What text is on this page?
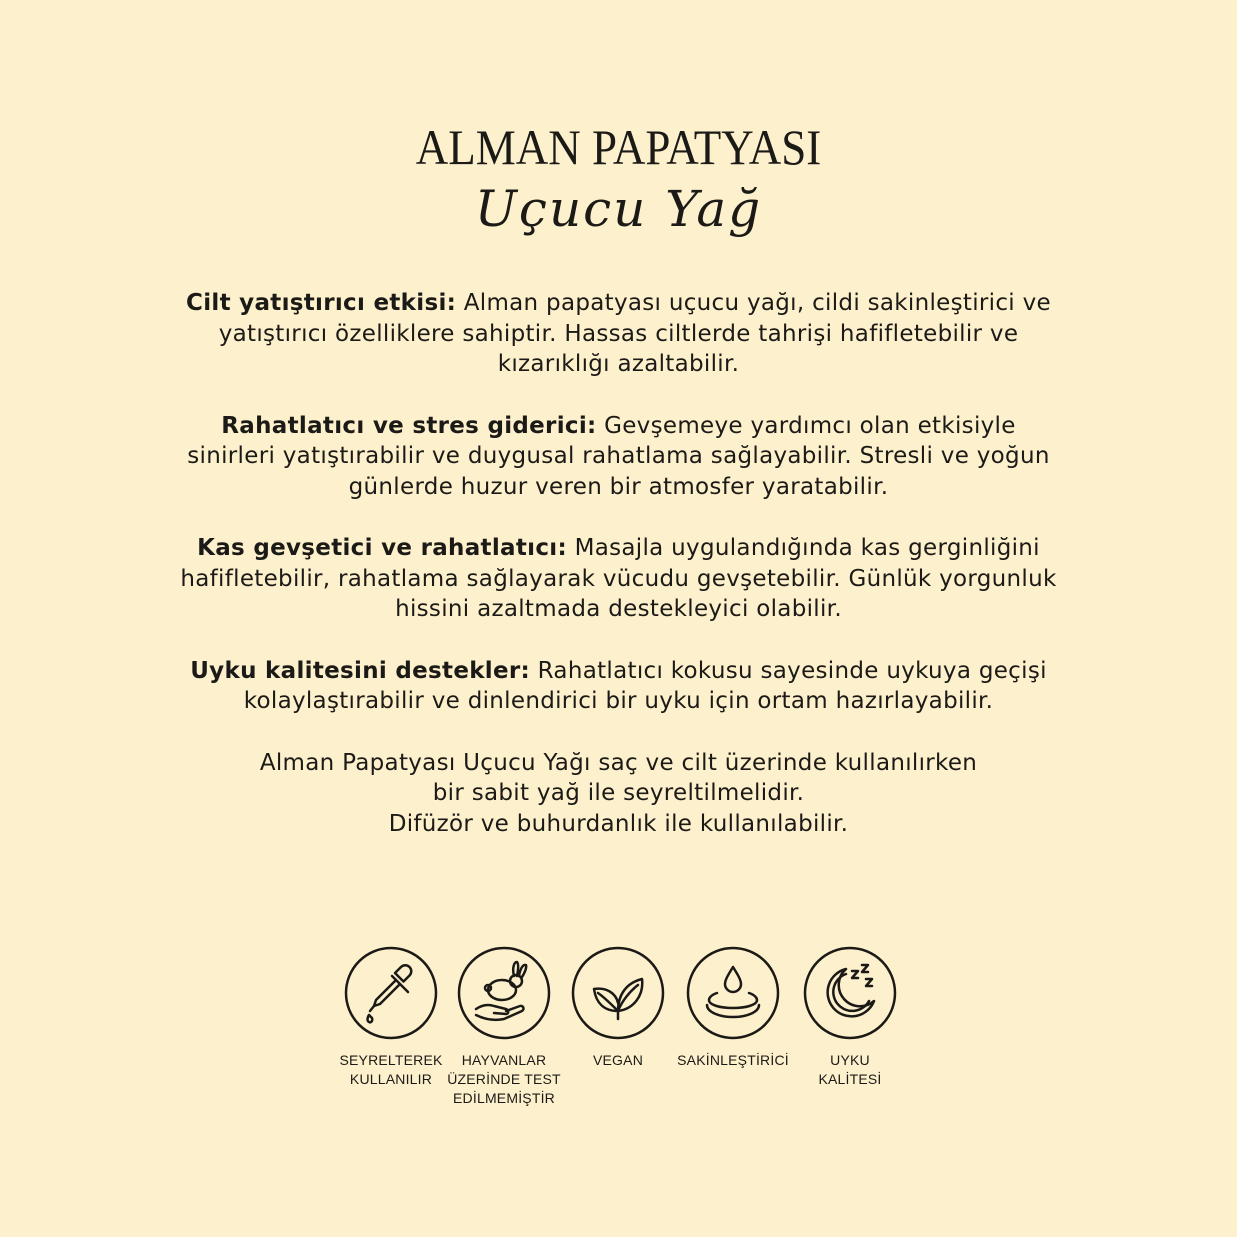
ALMAN PAPATYASI
Uçucu Yağ

Cilt yatıştırıcı etkisi: Alman papatyası uçucu yağı, cildi sakinleştirici ve yatıştırıcı özelliklere sahiptir. Hassas ciltlerde tahrişi hafifletebilir ve kızarıklığı azaltabilir.

Rahatlatıcı ve stres giderici: Gevşemeye yardımcı olan etkisiyle sinirleri yatıştırabilir ve duygusal rahatlama sağlayabilir. Stresli ve yoğun günlerde huzur veren bir atmosfer yaratabilir.

Kas gevşetici ve rahatlatıcı: Masajla uygulandığında kas gerginliğini hafifletebilir, rahatlama sağlayarak vücudu gevşetebilir. Günlük yorgunluk hissini azaltmada destekleyici olabilir.

Uyku kalitesini destekler: Rahatlatıcı kokusu sayesinde uykuya geçişi kolaylaştırabilir ve dinlendirici bir uyku için ortam hazırlayabilir.

Alman Papatyası Uçucu Yağı saç ve cilt üzerinde kullanılırken
bir sabit yağ ile seyreltilmelidir.
Difüzör ve buhurdanlık ile kullanılabilir.

SEYRELTEREK
KULLANILIR
HAYVANLAR
ÜZERİNDE TEST
EDİLMEMİŞTİR
VEGAN	SAKİNLEŞTİRİCİ	UYKU
KALİTESİ
